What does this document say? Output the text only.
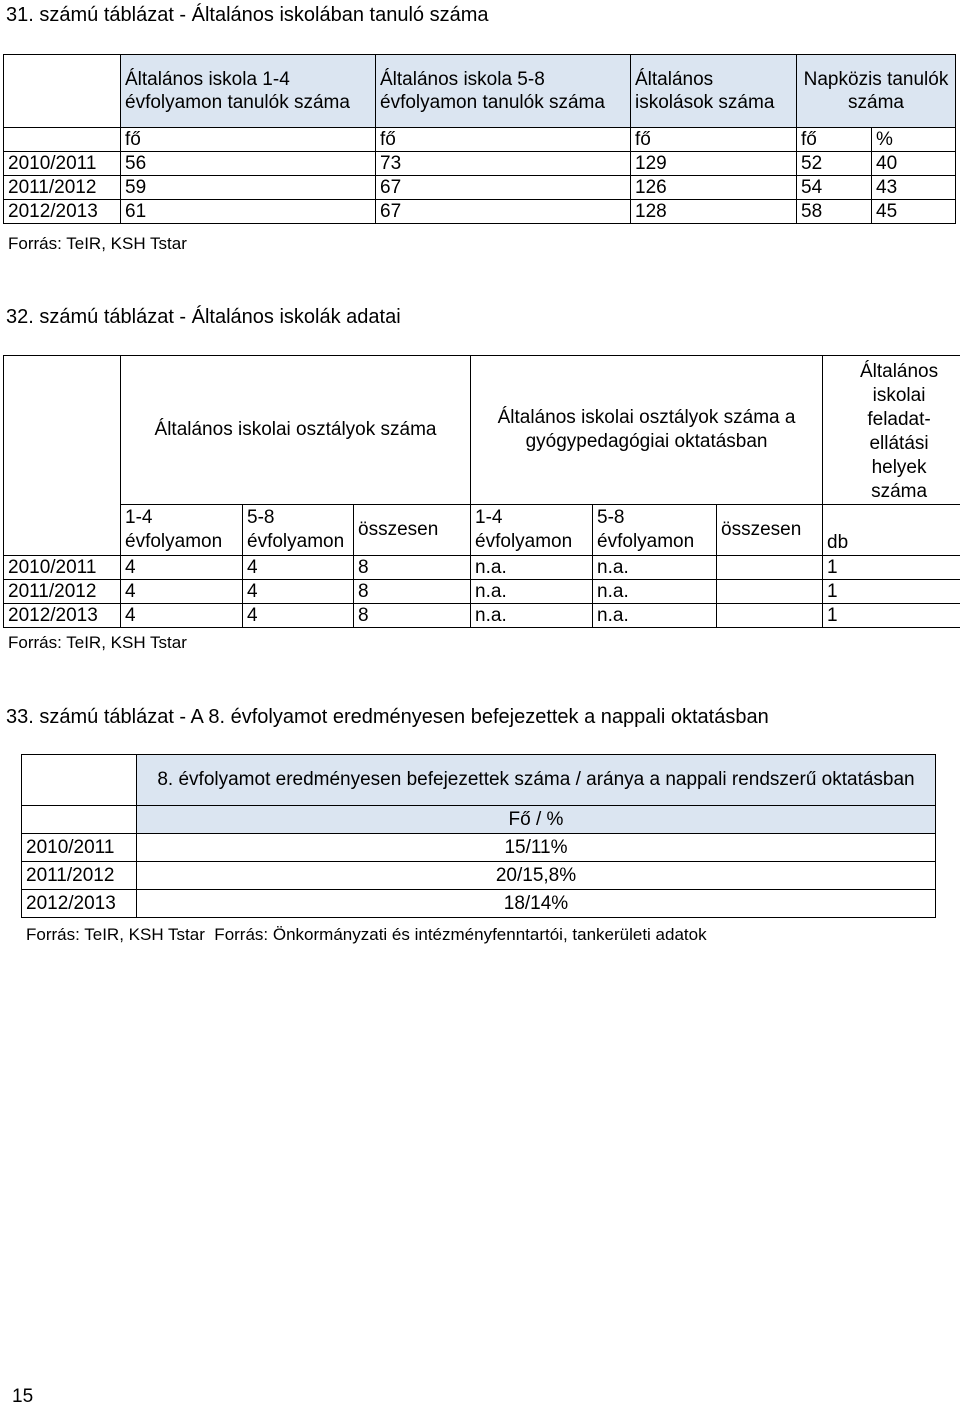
31. számú táblázat - Általános iskolában tanuló száma
	Általános iskola 1-4 évfolyamon tanulók száma	Általános iskola 5-8 évfolyamon tanulók száma	Általános iskolások száma	Napközis tanulók száma	
	fő	fő	fő	fő	%
2010/2011	56	73	129	52	40
2011/2012	59	67	126	54	43
2012/2013	61	67	128	58	45
Forrás: TeIR, KSH Tstar
32. számú táblázat - Általános iskolák adatai
	Általános iskolai osztályok száma			Általános iskolai osztályok száma a gyógypedagógiai oktatásban			Általános iskolai feladat-ellátási helyek száma
	1-4 évfolyamon	5-8 évfolyamon	összesen	1-4 évfolyamon	5-8 évfolyamon	összesen	db
2010/2011	4	4	8	n.a.	n.a.		1
2011/2012	4	4	8	n.a.	n.a.		1
2012/2013	4	4	8	n.a.	n.a.		1
Forrás: TeIR, KSH Tstar
33. számú táblázat - A 8. évfolyamot eredményesen befejezettek a nappali oktatásban
	8. évfolyamot eredményesen befejezettek száma / aránya a nappali rendszerű oktatásban
	Fő / %
2010/2011	15/11%
2011/2012	20/15,8%
2012/2013	18/14%
Forrás: TeIR, KSH Tstar  Forrás: Önkormányzati és intézményfenntartói, tankerületi adatok
15
